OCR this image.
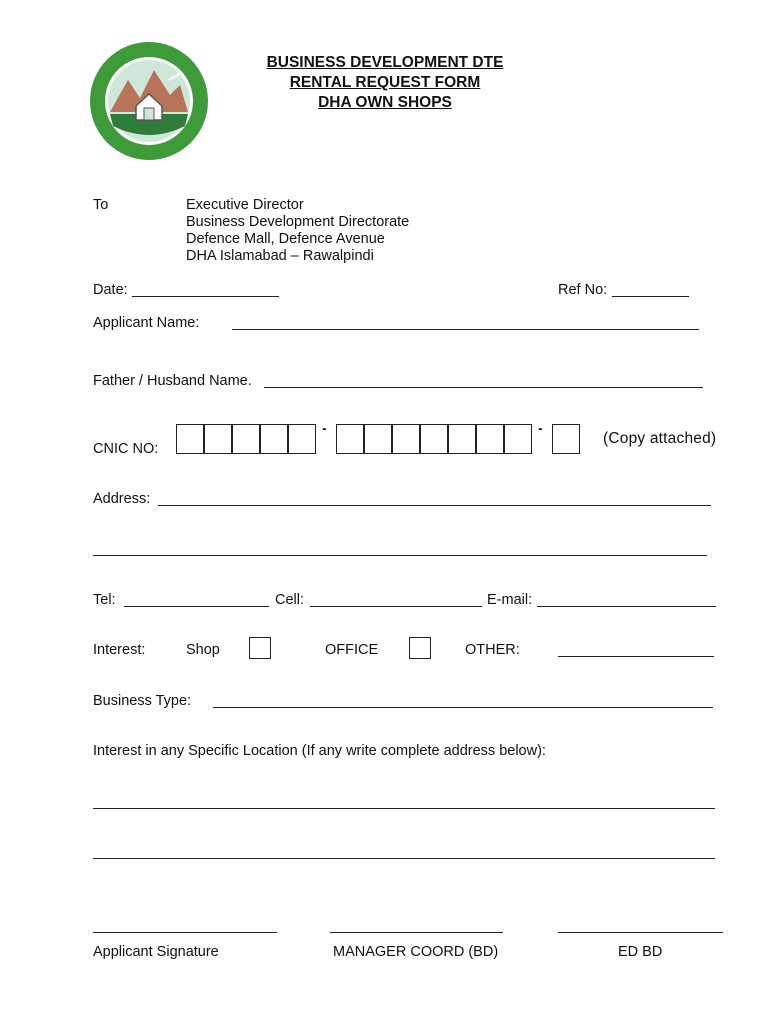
BUSINESS DEVELOPMENT DTE
RENTAL REQUEST FORM
DHA OWN SHOPS
To	Executive Director
Business Development Directorate
Defence Mall, Defence Avenue
DHA Islamabad – Rawalpindi
Date:	Ref No:
Applicant Name:
Father / Husband Name.
CNIC NO:
-	-
(Copy attached)
Address:
Tel:	Cell:	E-mail:
Interest:	Shop	OFFICE	OTHER:
Business Type:
Interest in any Specific Location (If any write complete address below):
Applicant Signature	MANAGER COORD (BD)	ED BD
